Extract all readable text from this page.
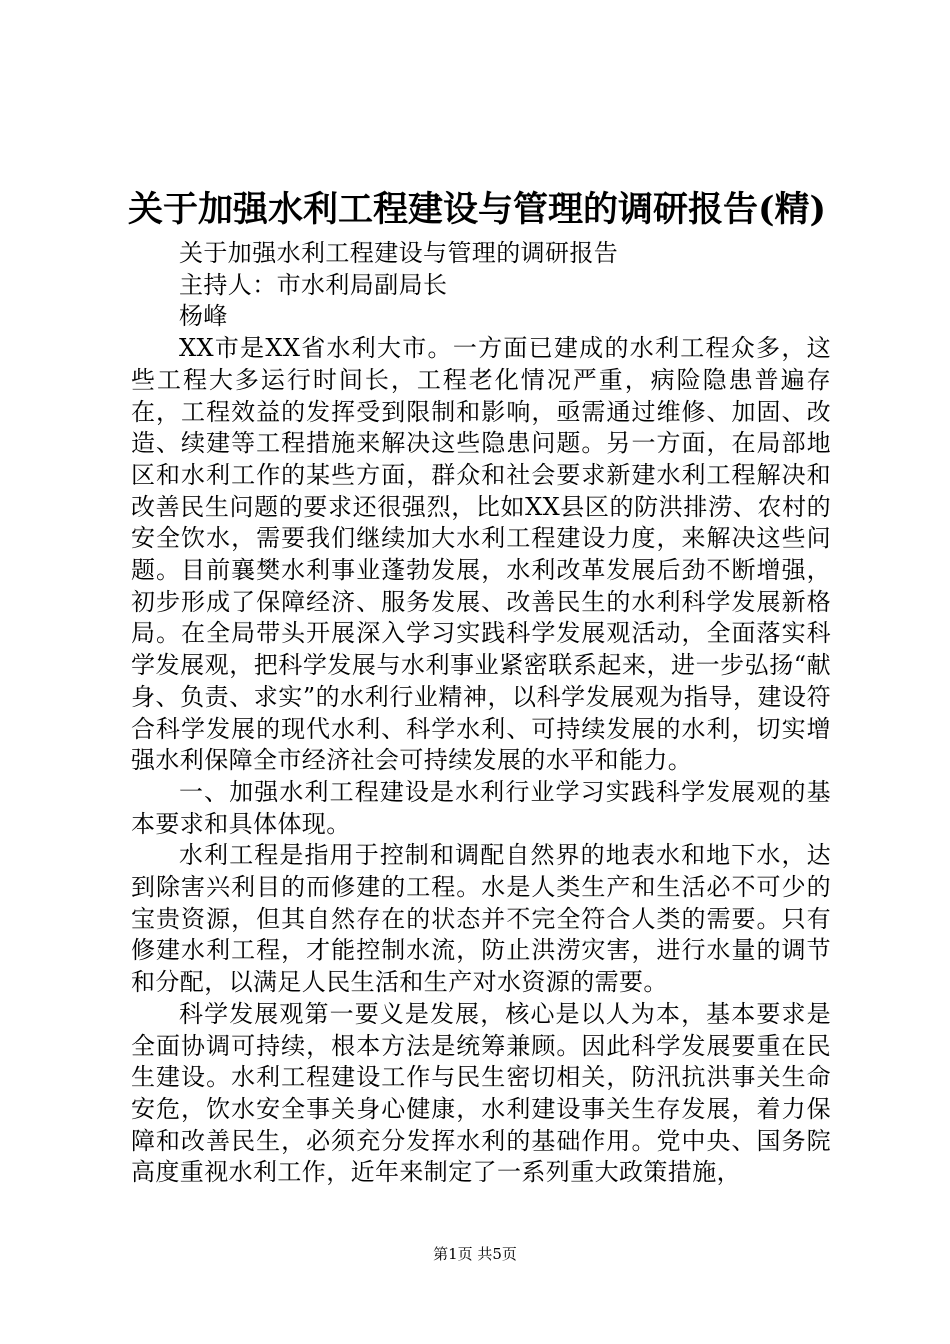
关于加强水利工程建设与管理的调研报告(精)

关于加强水利工程建设与管理的调研报告

主持人：市水利局副局长

杨峰

XX市是XX省水利大市。一方面已建成的水利工程众多，这些工程大多运行时间长，工程老化情况严重，病险隐患普遍存在，工程效益的发挥受到限制和影响，亟需通过维修、加固、改造、续建等工程措施来解决这些隐患问题。另一方面，在局部地区和水利工作的某些方面，群众和社会要求新建水利工程解决和改善民生问题的要求还很强烈，比如XX县区的防洪排涝、农村的安全饮水，需要我们继续加大水利工程建设力度，来解决这些问题。目前襄樊水利事业蓬勃发展，水利改革发展后劲不断增强，初步形成了保障经济、服务发展、改善民生的水利科学发展新格局。在全局带头开展深入学习实践科学发展观活动，全面落实科学发展观，把科学发展与水利事业紧密联系起来，进一步弘扬“献身、负责、求实”的水利行业精神，以科学发展观为指导，建设符合科学发展的现代水利、科学水利、可持续发展的水利，切实增强水利保障全市经济社会可持续发展的水平和能力。

一、加强水利工程建设是水利行业学习实践科学发展观的基本要求和具体体现。

水利工程是指用于控制和调配自然界的地表水和地下水，达到除害兴利目的而修建的工程。水是人类生产和生活必不可少的宝贵资源，但其自然存在的状态并不完全符合人类的需要。只有修建水利工程，才能控制水流，防止洪涝灾害，进行水量的调节和分配，以满足人民生活和生产对水资源的需要。

科学发展观第一要义是发展，核心是以人为本，基本要求是全面协调可持续，根本方法是统筹兼顾。因此科学发展要重在民生建设。水利工程建设工作与民生密切相关，防汛抗洪事关生命安危，饮水安全事关身心健康，水利建设事关生存发展，着力保障和改善民生，必须充分发挥水利的基础作用。党中央、国务院高度重视水利工作，近年来制定了一系列重大政策措施，

第1页 共5页
